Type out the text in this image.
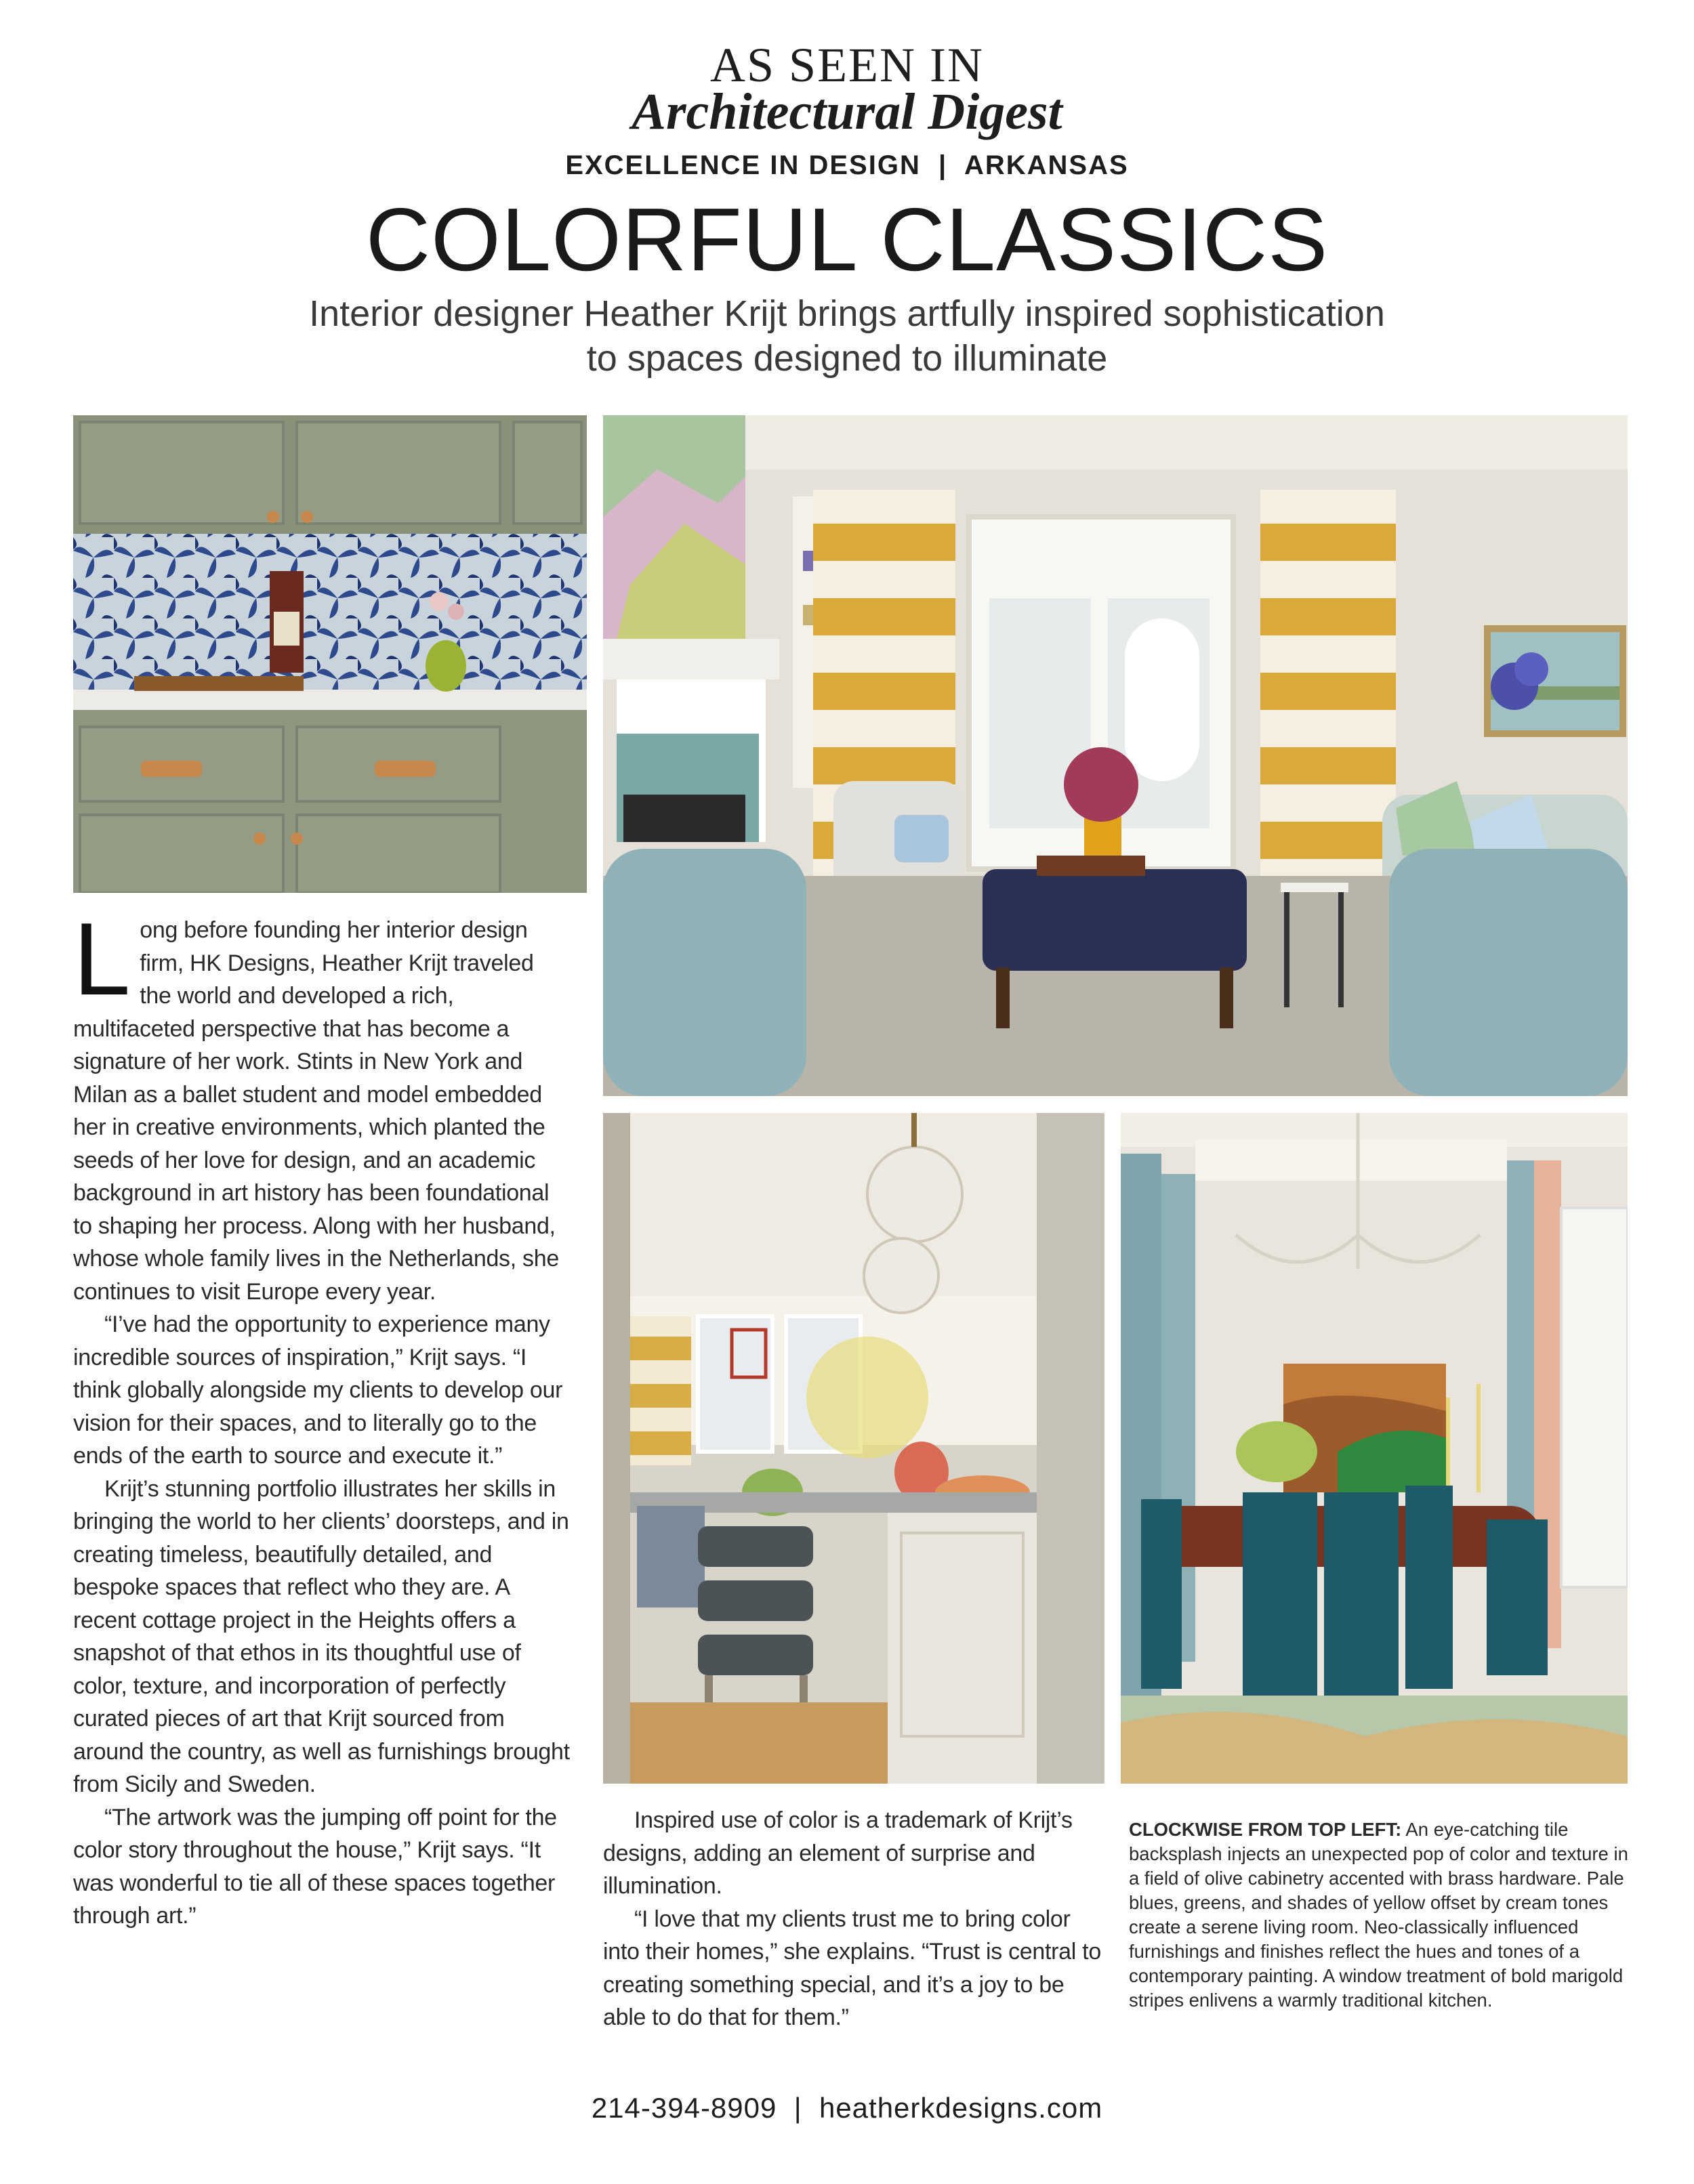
AS SEEN IN
Architectural Digest
EXCELLENCE IN DESIGN  |  ARKANSAS
COLORFUL CLASSICS
Interior designer Heather Krijt brings artfully inspired sophistication
to spaces designed to illuminate

Long before founding her interior design firm, HK Designs, Heather Krijt traveled the world and developed a rich, multifaceted perspective that has become a signature of her work. Stints in New York and Milan as a ballet student and model embedded her in creative environments, which planted the seeds of her love for design, and an academic background in art history has been foundational to shaping her process. Along with her husband, whose whole family lives in the Netherlands, she continues to visit Europe every year.

“I’ve had the opportunity to experience many incredible sources of inspiration,” Krijt says. “I think globally alongside my clients to develop our vision for their spaces, and to literally go to the ends of the earth to source and execute it.”

Krijt’s stunning portfolio illustrates her skills in bringing the world to her clients’ doorsteps, and in creating timeless, beautifully detailed, and bespoke spaces that reflect who they are. A recent cottage project in the Heights offers a snapshot of that ethos in its thoughtful use of color, texture, and incorporation of perfectly curated pieces of art that Krijt sourced from around the country, as well as furnishings brought from Sicily and Sweden.

“The artwork was the jumping off point for the color story throughout the house,” Krijt says. “It was wonderful to tie all of these spaces together through art.”

Inspired use of color is a trademark of Krijt’s designs, adding an element of surprise and illumination.

“I love that my clients trust me to bring color into their homes,” she explains. “Trust is central to creating something special, and it’s a joy to be able to do that for them.”

CLOCKWISE FROM TOP LEFT: An eye-catching tile backsplash injects an unexpected pop of color and texture in a field of olive cabinetry accented with brass hardware. Pale blues, greens, and shades of yellow offset by cream tones create a serene living room. Neo-classically influenced furnishings and finishes reflect the hues and tones of a contemporary painting. A window treatment of bold marigold stripes enlivens a warmly traditional kitchen.
214-394-8909  |  heatherkdesigns.com
